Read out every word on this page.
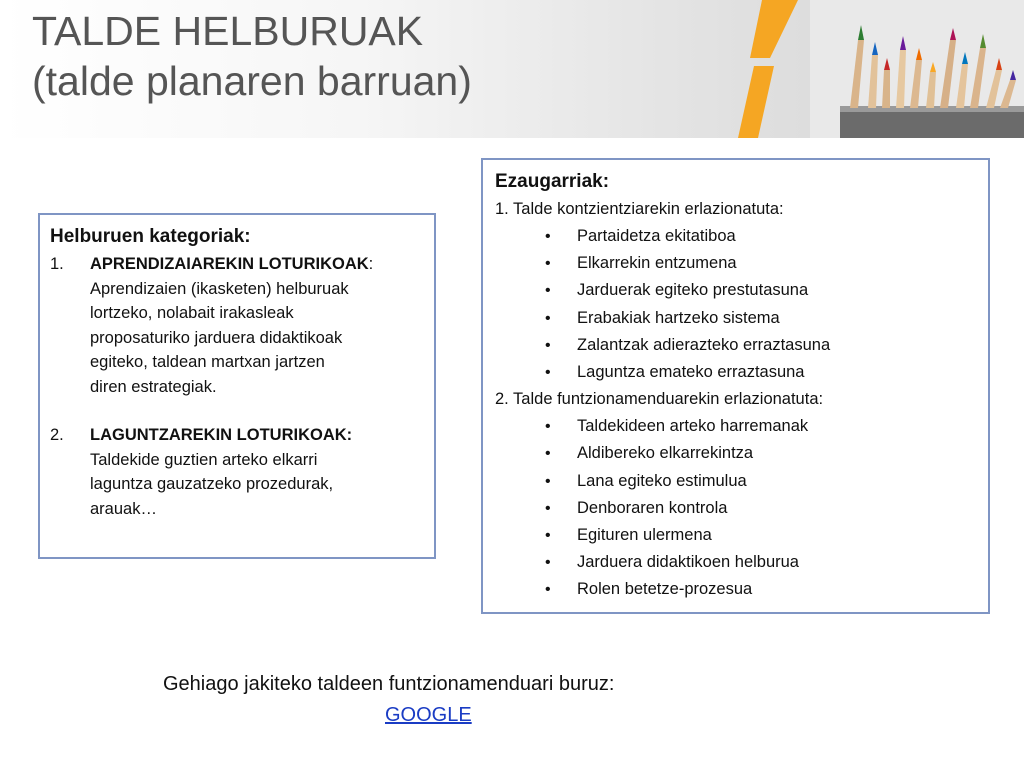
TALDE HELBURUAK
(talde planaren barruan)
Helburuen kategoriak:
1. APRENDIZAIAREKIN LOTURIKOAK:
Aprendizaien (ikasketen) helburuak
lortzeko, nolabait irakasleak
proposaturiko jarduera didaktikoak
egiteko, taldean martxan jartzen
diren estrategiak.
2. LAGUNTZAREKIN LOTURIKOAK:
Taldekide guztien arteko elkarri
laguntza gauzatzeko prozedurak,
arauak…
Ezaugarriak:
1. Talde kontzientziarekin erlazionatuta:
• Partaidetza ekitatiboa
• Elkarrekin entzumena
• Jarduerak egiteko prestutasuna
• Erabakiak hartzeko sistema
• Zalantzak adierazteko erraztasuna
• Laguntza emateko erraztasuna
2. Talde funtzionamenduarekin erlazionatuta:
• Taldekideen arteko harremanak
• Aldibereko elkarrekintza
• Lana egiteko estimulua
• Denboraren kontrola
• Egituren ulermena
• Jarduera didaktikoen helburua
• Rolen betetze-prozesua
Gehiago jakiteko taldeen funtzionamenduari buruz:
GOOGLE
